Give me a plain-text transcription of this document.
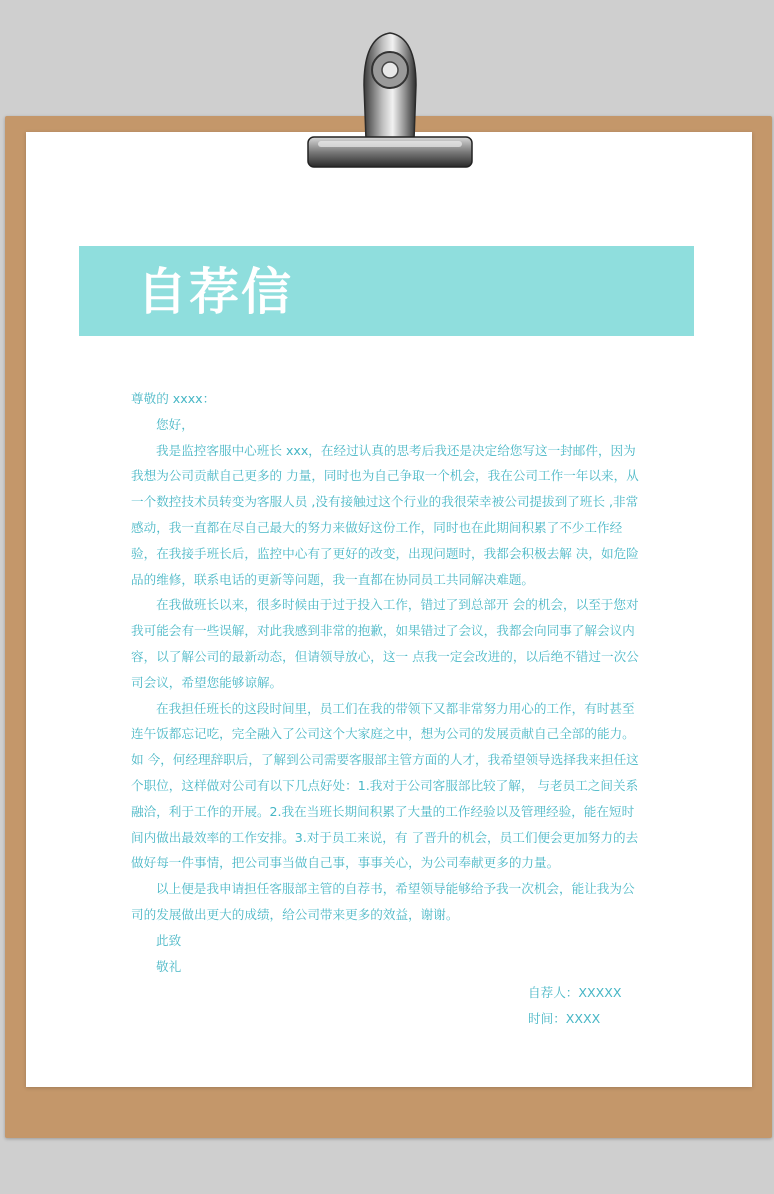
自荐信

尊敬的 xxxx：

您好，

我是监控客服中心班长 xxx，在经过认真的思考后我还是决定给您写这一封邮件，因为我想为公司贡献自己更多的 力量，同时也为自己争取一个机会，我在公司工作一年以来，从一个数控技术员转变为客服人员 ,没有接触过这个行业的我很荣幸被公司提拔到了班长 ,非常感动，我一直都在尽自己最大的努力来做好这份工作，同时也在此期间积累了不少工作经验，在我接手班长后，监控中心有了更好的改变，出现问题时，我都会积极去解 决，如危险品的维修，联系电话的更新等问题，我一直都在协同员工共同解决难题。

在我做班长以来，很多时候由于过于投入工作，错过了到总部开 会的机会，以至于您对我可能会有一些误解，对此我感到非常的抱歉，如果错过了会议，我都会向同事了解会议内容，以了解公司的最新动态，但请领导放心，这一 点我一定会改进的，以后绝不错过一次公司会议，希望您能够谅解。

在我担任班长的这段时间里，员工们在我的带领下又都非常努力用心的工作，有时甚至连午饭都忘记吃，完全融入了公司这个大家庭之中，想为公司的发展贡献自己全部的能力。

如 今，何经理辞职后，了解到公司需要客服部主管方面的人才，我希望领导选择我来担任这个职位，这样做对公司有以下几点好处：1.我对于公司客服部比较了解， 与老员工之间关系融洽，利于工作的开展。2.我在当班长期间积累了大量的工作经验以及管理经验，能在短时间内做出最效率的工作安排。3.对于员工来说，有 了晋升的机会，员工们便会更加努力的去做好每一件事情，把公司事当做自己事，事事关心，为公司奉献更多的力量。

以上便是我申请担任客服部主管的自荐书，希望领导能够给予我一次机会，能让我为公司的发展做出更大的成绩，给公司带来更多的效益，谢谢。

此致

敬礼

自荐人：XXXXX
时间：XXXX
